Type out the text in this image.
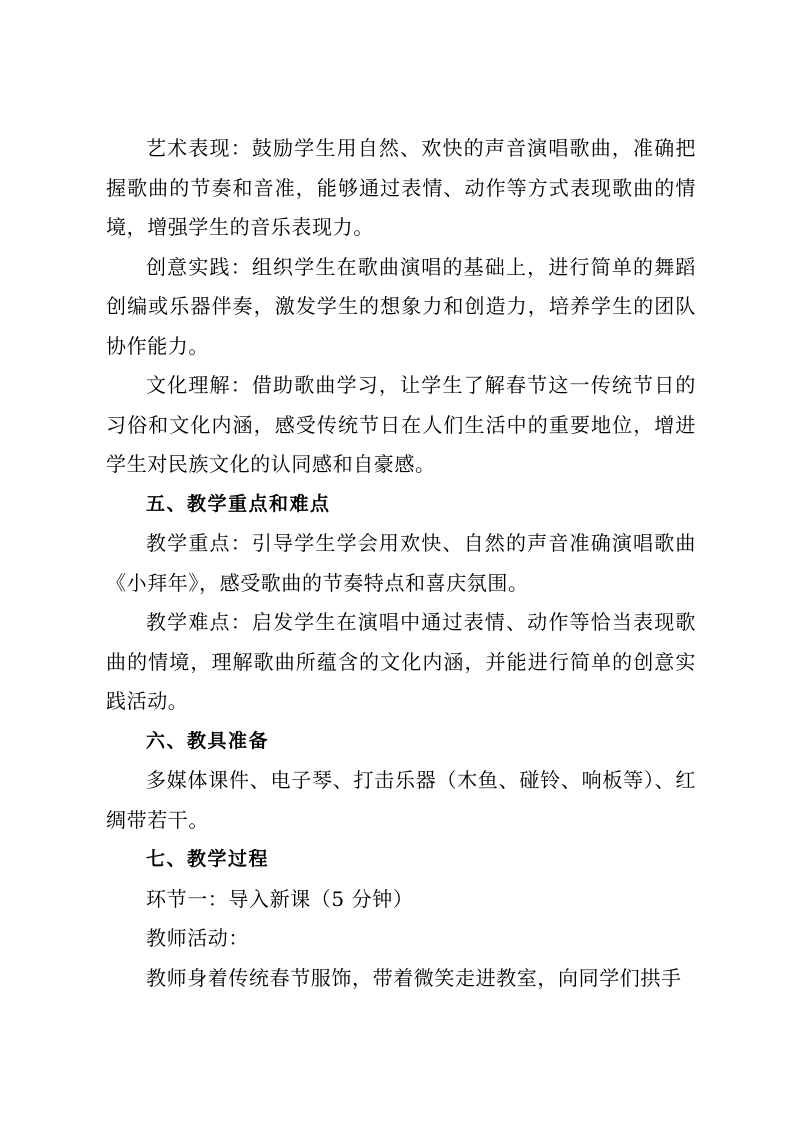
艺术表现：鼓励学生用自然、欢快的声音演唱歌曲，准确把握歌曲的节奏和音准，能够通过表情、动作等方式表现歌曲的情境，增强学生的音乐表现力。

创意实践：组织学生在歌曲演唱的基础上，进行简单的舞蹈创编或乐器伴奏，激发学生的想象力和创造力，培养学生的团队协作能力。

文化理解：借助歌曲学习，让学生了解春节这一传统节日的习俗和文化内涵，感受传统节日在人们生活中的重要地位，增进学生对民族文化的认同感和自豪感。

五、教学重点和难点

教学重点：引导学生学会用欢快、自然的声音准确演唱歌曲《小拜年》，感受歌曲的节奏特点和喜庆氛围。

教学难点：启发学生在演唱中通过表情、动作等恰当表现歌曲的情境，理解歌曲所蕴含的文化内涵，并能进行简单的创意实践活动。

六、教具准备

多媒体课件、电子琴、打击乐器（木鱼、碰铃、响板等）、红绸带若干。

七、教学过程

环节一：导入新课（5 分钟）

教师活动：

教师身着传统春节服饰，带着微笑走进教室，向同学们拱手
